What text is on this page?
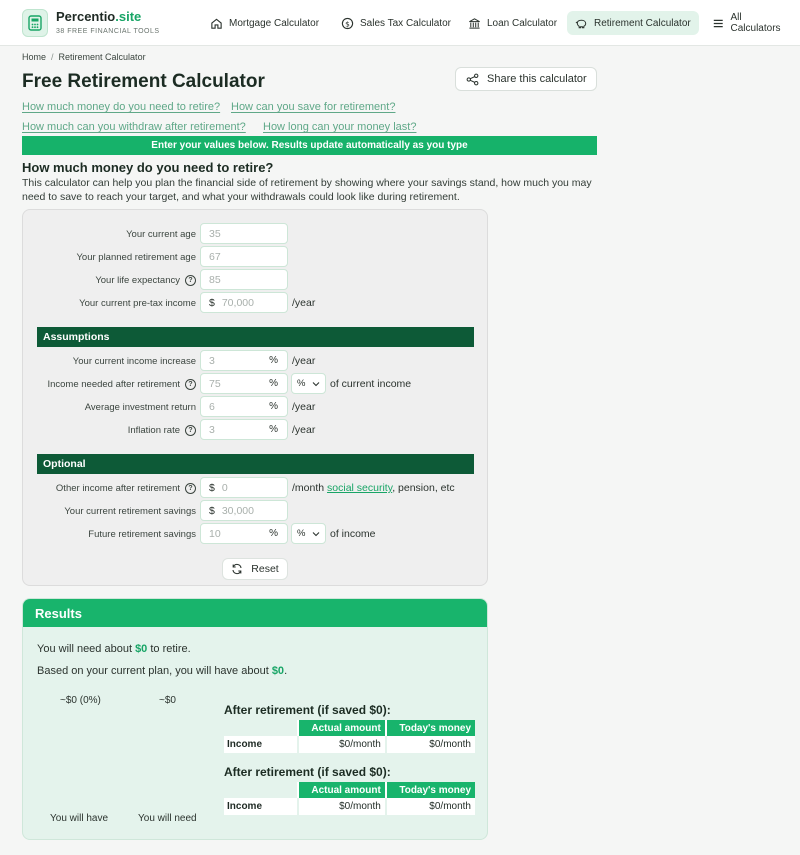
Percentio.site
38 FREE FINANCIAL TOOLS
Mortgage Calculator	$ Sales Tax Calculator	Loan Calculator	Retirement Calculator	All Calculators
Home / Retirement Calculator
Free Retirement Calculator	Share this calculator
How much money do you need to retire? How can you save for retirement?
How much can you withdraw after retirement? How long can your money last?
Enter your values below. Results update automatically as you type
How much money do you need to retire?
This calculator can help you plan the financial side of retirement by showing where your savings stand, how much you may need to save to reach your target, and what your withdrawals could look like during retirement.
Your current age 35
Your planned retirement age 67
Your life expectancy	?	85
Your current pre-tax income $ 70,000	/year
Assumptions
Your current income increase 3	% /year
Income needed after retirement	?	75	% % of current income
Average investment return 6	% /year
Inflation rate	?	3	% /year
Optional
Other income after retirement	?	$ 0	/month social security, pension, etc
Your current retirement savings $ 30,000
Future retirement savings 10	% % of income
Reset
Results
You will need about $0 to retire.
Based on your current plan, you will have about $0.
~$0 (0%)	~$0
You will have	You will need
After retirement (if saved $0):
	Actual amount	Today's money
Income	$0/month	$0/month
After retirement (if saved $0):
	Actual amount	Today's money
Income	$0/month	$0/month
